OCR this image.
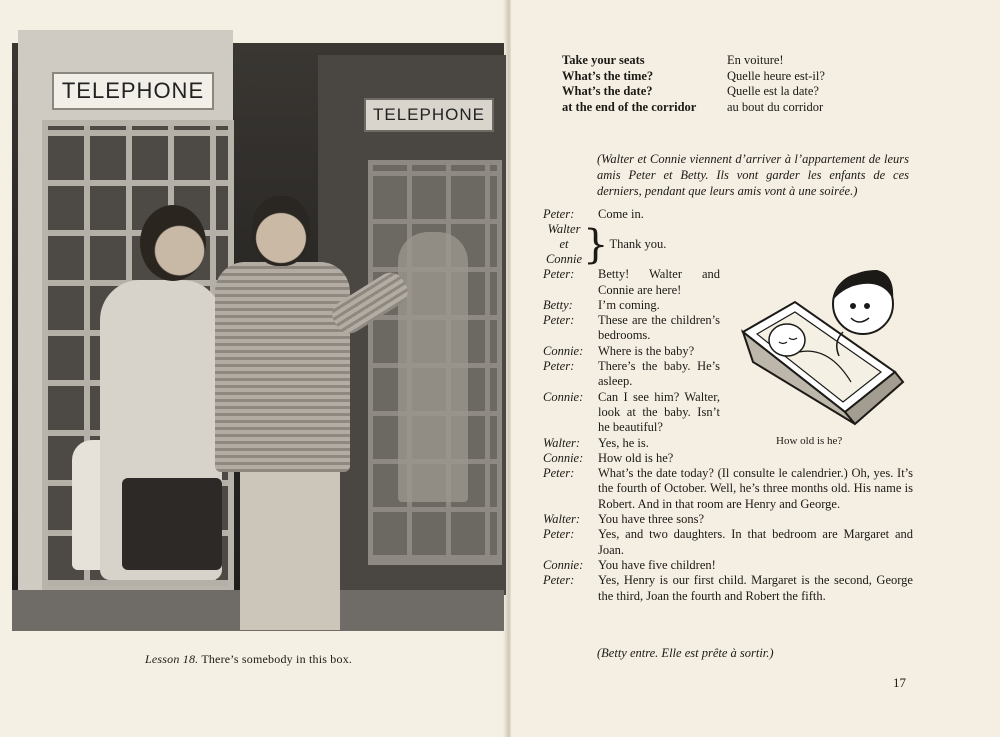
TELEPHONE
TELEPHONE
Lesson 18. There’s somebody in this box.
Take your seats	En voiture!
What’s the time?	Quelle heure est-il?
What’s the date?	Quelle est la date?
at the end of the corridor	au bout du corridor
(Walter et Connie viennent d’arriver à l’appartement de leurs amis Peter et Betty. Ils vont garder les enfants de ces derniers, pendant que leurs amis vont à une soirée.)
Peter:	Come in.
Walter
et
Connie } Thank you.
Peter:	Betty! Walter and Connie are here!
Betty:	I’m coming.
Peter:	These are the children’s bedrooms.
Connie:	Where is the baby?
Peter:	There’s the baby. He’s asleep.
Connie:	Can I see him? Walter, look at the baby. Isn’t he beautiful?
Walter:	Yes, he is.
Connie:	How old is he?
Peter:	What’s the date today? (Il consulte le calendrier.) Oh, yes. It’s the fourth of October. Well, he’s three months old. His name is Robert. And in that room are Henry and George.
Walter:	You have three sons?
Peter:	Yes, and two daughters. In that bedroom are Margaret and Joan.
Connie:	You have five children!
Peter:	Yes, Henry is our first child. Margaret is the second, George the third, Joan the fourth and Robert the fifth.
How old is he?
(Betty entre. Elle est prête à sortir.)
17
